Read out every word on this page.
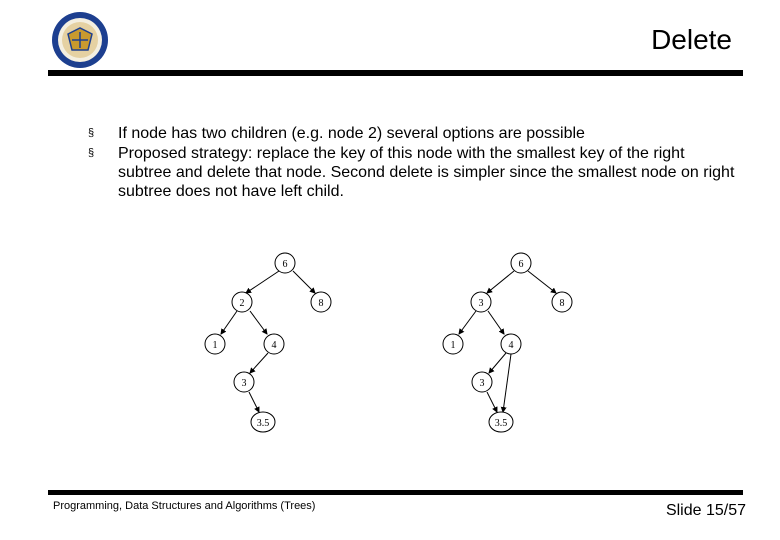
Delete
§ If node has two children (e.g. node 2) several options are possible
§ Proposed strategy: replace the key of this node with the smallest key of the right subtree and delete that node. Second delete is simpler since the smallest node on right subtree does not have left child.
6
2	8
1	4
3
3.5
6
3	8
1	4
3
3.5
Programming, Data Structures and Algorithms (Trees)	Slide 15/57
